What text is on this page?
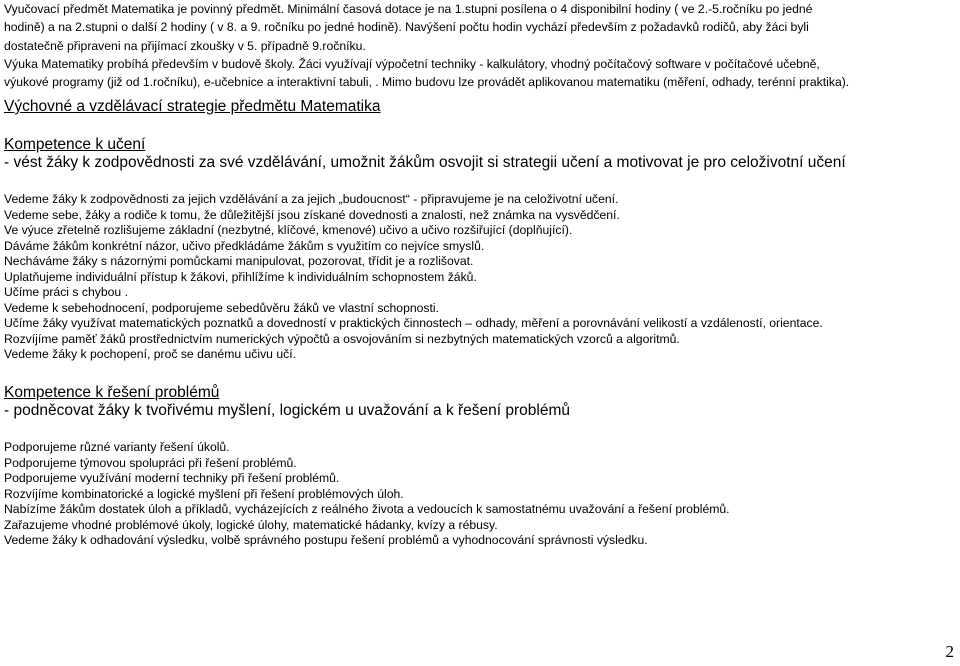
Vyučovací předmět Matematika je povinný předmět. Minimální časová dotace je na 1.stupni posílena o 4 disponibilní hodiny ( ve 2.-5.ročníku po jedné

hodině) a na 2.stupni o další 2 hodiny ( v 8. a 9. ročníku po jedné hodině). Navýšení počtu hodin vychází především z požadavků rodičů, aby žáci byli

dostatečně připraveni na přijímací zkoušky v 5. případně 9.ročníku.

Výuka Matematiky probíhá především v budově školy. Žáci využívají výpočetní techniky - kalkulátory, vhodný počítačový software v počítačové učebně,

výukové programy (již od 1.ročníku), e-učebnice a interaktivní tabuli, . Mimo budovu lze provádět aplikovanou matematiku (měření, odhady, terénní praktika).

Výchovné a vzdělávací strategie předmětu Matematika
Kompetence k učení

- vést žáky k zodpovědnosti za své vzdělávání, umožnit žákům osvojit si strategii učení a motivovat je pro celoživotní učení

Vedeme žáky k zodpovědnosti za jejich vzdělávání a za jejich „budoucnost“ - připravujeme je na celoživotní učení.
Vedeme sebe, žáky a rodiče k tomu, že důležitější jsou získané dovednosti a znalosti, než známka na vysvědčení.
Ve výuce zřetelně rozlišujeme základní (nezbytné, klíčové, kmenové) učivo a učivo rozšiřující (doplňující).
Dáváme žákům konkrétní názor, učivo předkládáme žákům s využitím co nejvíce smyslů.
Necháváme žáky s názornými pomůckami manipulovat, pozorovat, třídit je a rozlišovat.
Uplatňujeme individuální přístup k žákovi, přihlížíme k individuálním schopnostem žáků.
Učíme práci s chybou .
Vedeme k sebehodnocení, podporujeme sebedůvěru žáků ve vlastní schopnosti.
Učíme žáky využívat matematických poznatků a dovedností v praktických činnostech – odhady, měření a porovnávání velikostí a vzdáleností, orientace.
Rozvíjíme paměť žáků prostřednictvím numerických výpočtů a osvojováním si nezbytných matematických vzorců a algoritmů.
Vedeme žáky k pochopení, proč se danému učivu učí.
Kompetence k řešení problémů

- podněcovat žáky k tvořivému myšlení, logickém u uvažování a k řešení problémů

Podporujeme různé varianty řešení úkolů.
Podporujeme týmovou spolupráci při řešení problémů.
Podporujeme využívání moderní techniky při řešení problémů.
Rozvíjíme kombinatorické a logické myšlení při řešení problémových úloh.
Nabízíme žákům dostatek úloh a příkladů, vycházejících z reálného života a vedoucích k samostatnému uvažování a řešení problémů.
Zařazujeme vhodné problémové úkoly, logické úlohy, matematické hádanky, kvízy a rébusy.
Vedeme žáky k odhadování výsledku, volbě správného postupu řešení problémů a vyhodnocování správnosti výsledku.
2
